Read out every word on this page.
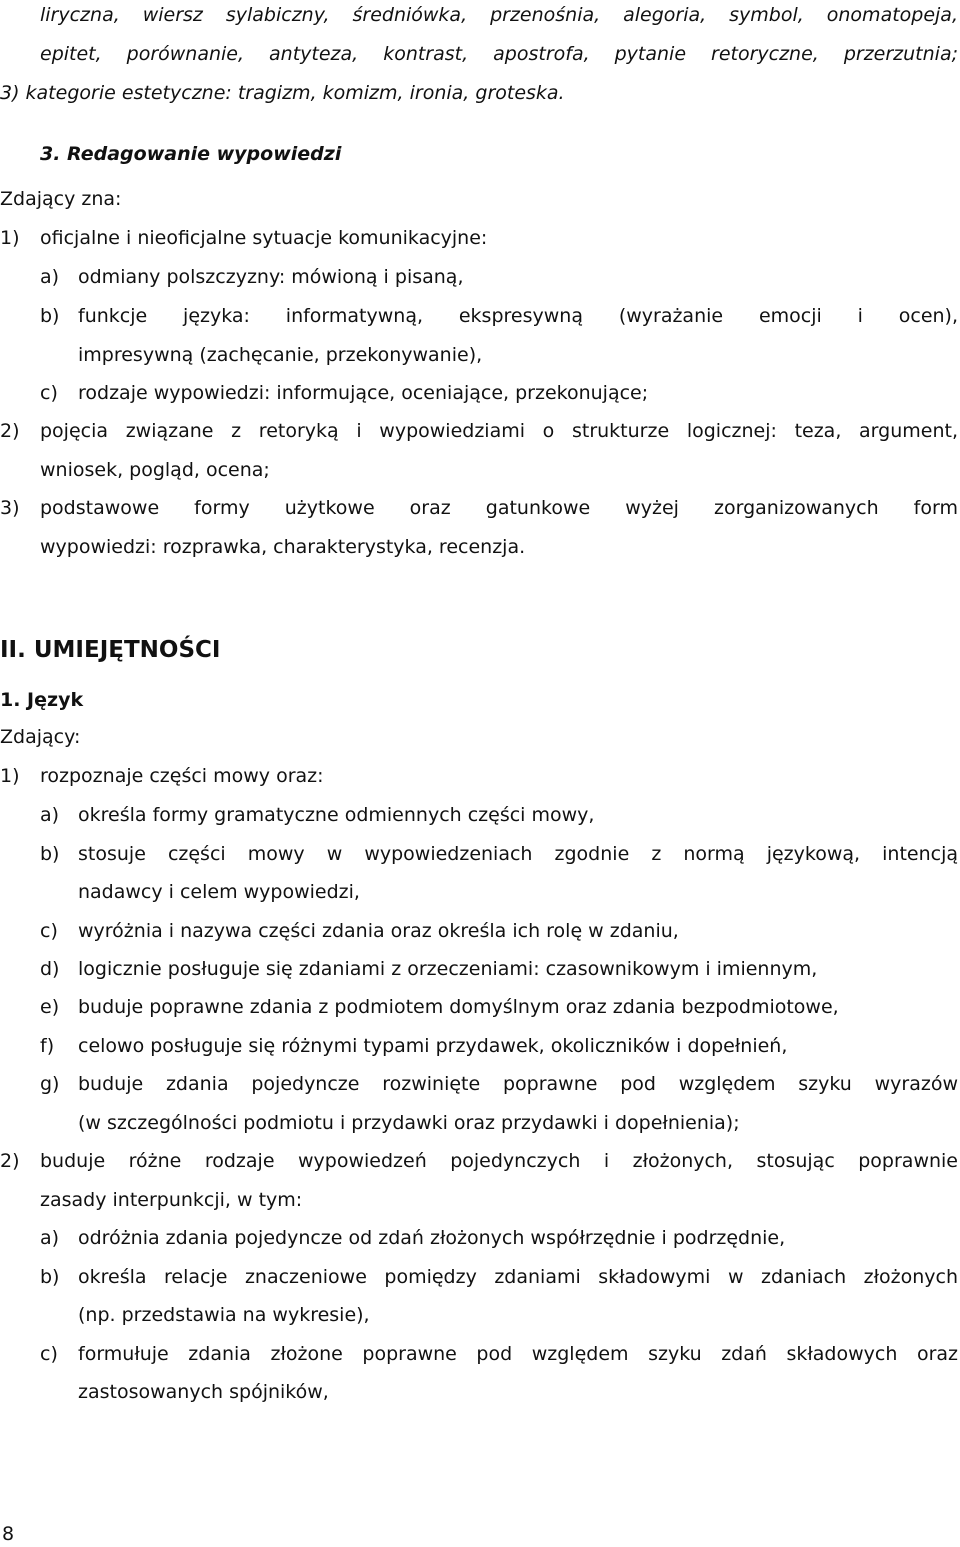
liryczna, wiersz sylabiczny, średniówka, przenośnia, alegoria, symbol, onomatopeja,
epitet, porównanie, antyteza, kontrast, apostrofa, pytanie retoryczne, przerzutnia;
3) kategorie estetyczne: tragizm, komizm, ironia, groteska.
3. Redagowanie wypowiedzi
Zdający zna:
1) oficjalne i nieoficjalne sytuacje komunikacyjne:
a) odmiany polszczyzny: mówioną i pisaną,
b) funkcje języka: informatywną, ekspresywną (wyrażanie emocji i ocen),
impresywną (zachęcanie, przekonywanie),
c) rodzaje wypowiedzi: informujące, oceniające, przekonujące;
2) pojęcia związane z retoryką i wypowiedziami o strukturze logicznej: teza, argument,
wniosek, pogląd, ocena;
3) podstawowe formy użytkowe oraz gatunkowe wyżej zorganizowanych form
wypowiedzi: rozprawka, charakterystyka, recenzja.
II. UMIEJĘTNOŚCI
1. Język
Zdający:
1) rozpoznaje części mowy oraz:
a) określa formy gramatyczne odmiennych części mowy,
b) stosuje części mowy w wypowiedzeniach zgodnie z normą językową, intencją
nadawcy i celem wypowiedzi,
c) wyróżnia i nazywa części zdania oraz określa ich rolę w zdaniu,
d) logicznie posługuje się zdaniami z orzeczeniami: czasownikowym i imiennym,
e) buduje poprawne zdania z podmiotem domyślnym oraz zdania bezpodmiotowe,
f) celowo posługuje się różnymi typami przydawek, okoliczników i dopełnień,
g) buduje zdania pojedyncze rozwinięte poprawne pod względem szyku wyrazów
(w szczególności podmiotu i przydawki oraz przydawki i dopełnienia);
2) buduje różne rodzaje wypowiedzeń pojedynczych i złożonych, stosując poprawnie
zasady interpunkcji, w tym:
a) odróżnia zdania pojedyncze od zdań złożonych współrzędnie i podrzędnie,
b) określa relacje znaczeniowe pomiędzy zdaniami składowymi w zdaniach złożonych
(np. przedstawia na wykresie),
c) formułuje zdania złożone poprawne pod względem szyku zdań składowych oraz
zastosowanych spójników,
8
